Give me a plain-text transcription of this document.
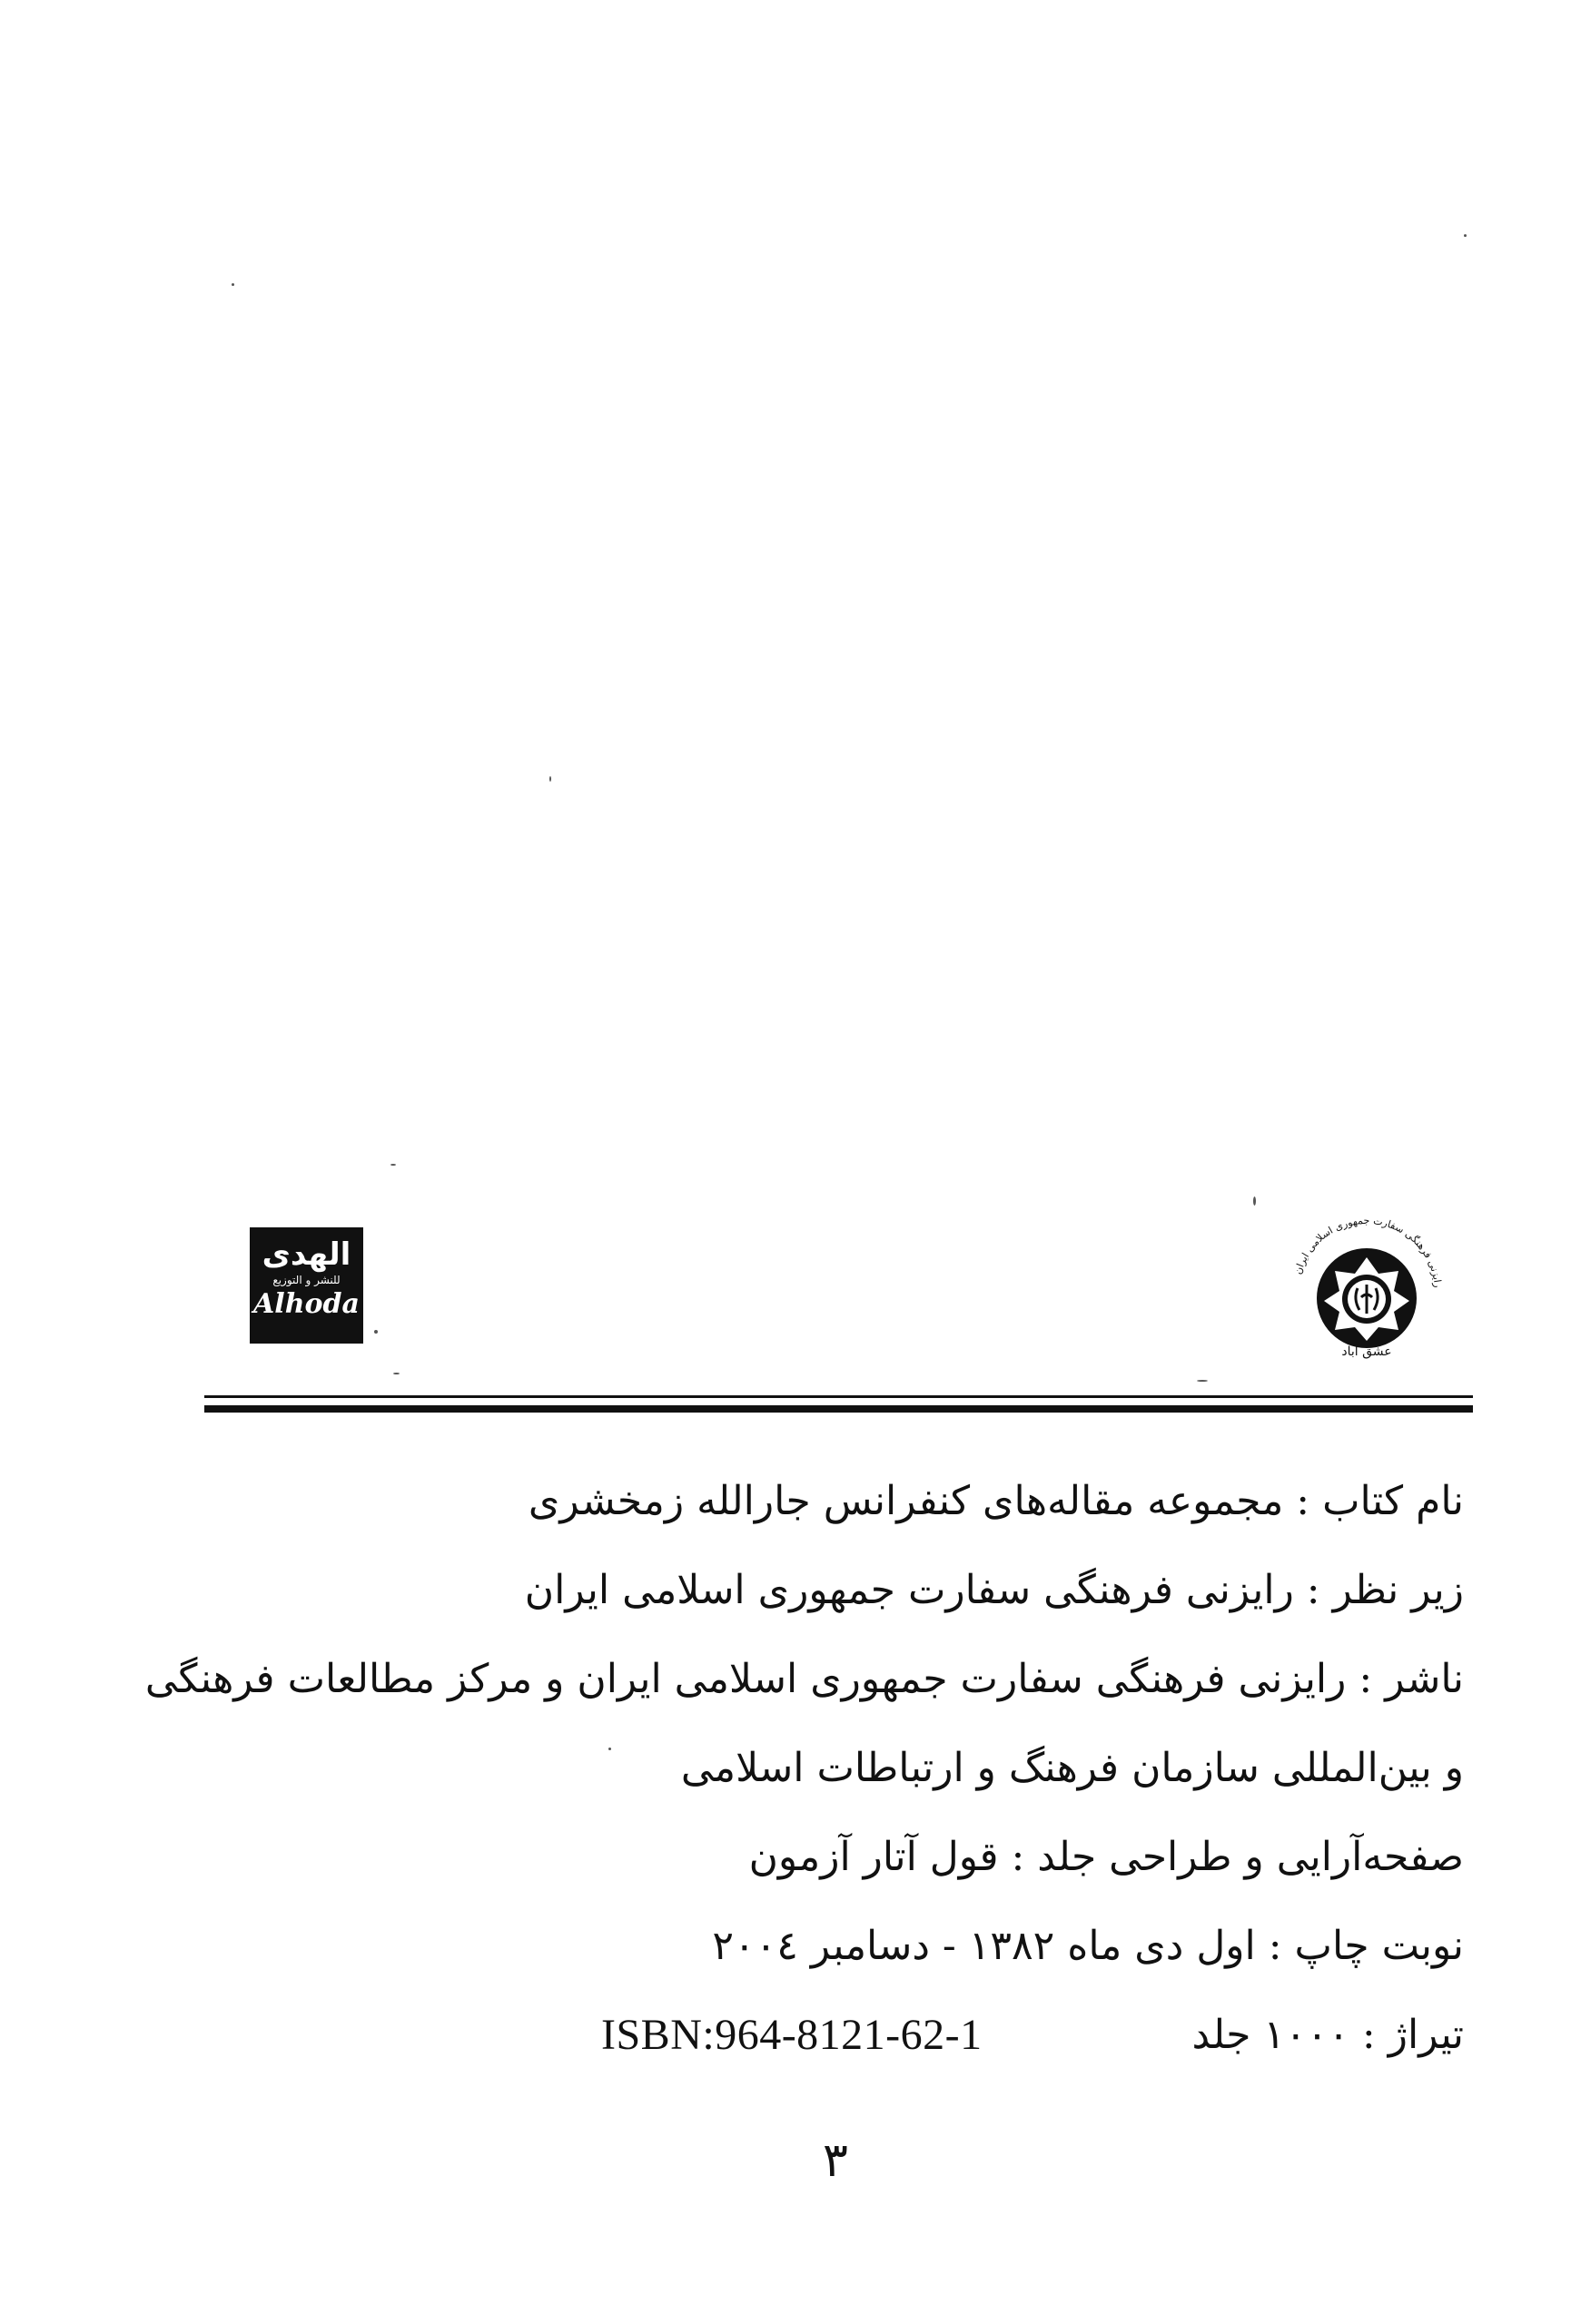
الهدى
للنشر و التوزيع
Alhoda
رایزنی فرهنگی سفارت جمهوری اسلامی ایران
عشق آباد
نام کتاب : مجموعه مقاله‌های کنفرانس جارالله زمخشری
زیر نظر : رایزنی فرهنگی سفارت جمهوری اسلامی ایران
ناشر : رایزنی فرهنگی سفارت جمهوری اسلامی ایران و مرکز مطالعات فرهنگی
و بین‌المللی سازمان فرهنگ و ارتباطات اسلامی
صفحه‌آرایی و طراحی جلد : قول آتار آزمون
نوبت چاپ : اول دی ماه ۱۳۸۲ - دسامبر ۲۰۰٤
تیراژ : ۱۰۰۰ جلد
ISBN:964-8121-62-1
۳
